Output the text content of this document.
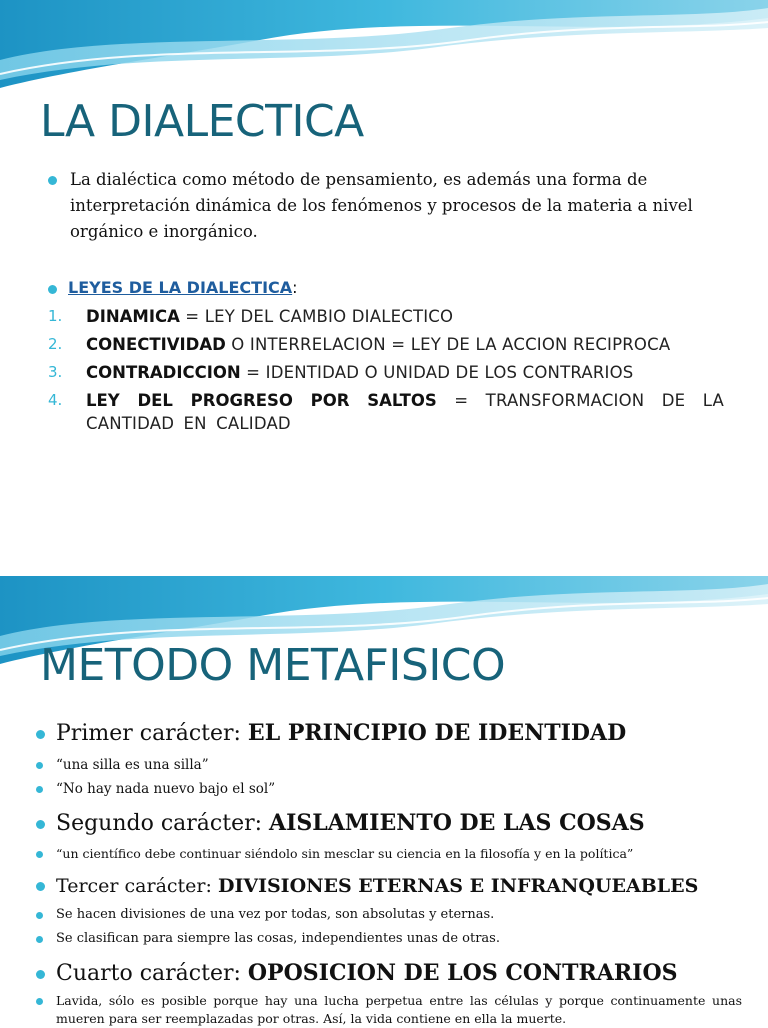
LA DIALECTICA

La dialéctica como método de pensamiento, es además una forma de interpretación dinámica de los fenómenos y procesos de la materia a nivel orgánico e inorgánico.

LEYES DE LA DIALECTICA:
1. DINAMICA = LEY DEL CAMBIO DIALECTICO
2. CONECTIVIDAD O INTERRELACION = LEY DE LA ACCION RECIPROCA
3. CONTRADICCION = IDENTIDAD O UNIDAD DE LOS CONTRARIOS
4. LEY DEL PROGRESO POR SALTOS = TRANSFORMACION DE LA CANTIDAD EN CALIDAD
METODO METAFISICO
Primer carácter: EL PRINCIPIO DE IDENTIDAD
“una silla es una silla”
“No hay nada nuevo bajo el sol”
Segundo carácter: AISLAMIENTO DE LAS COSAS
“un científico debe continuar siéndolo sin mesclar su ciencia en la filosofía y en la política”
Tercer carácter: DIVISIONES ETERNAS E INFRANQUEABLES
Se hacen divisiones de una vez por todas, son absolutas y eternas.
Se clasifican para siempre las cosas, independientes unas de otras.
Cuarto carácter: OPOSICION DE LOS CONTRARIOS
Lavida, sólo es posible porque hay una lucha perpetua entre las células y porque continuamente unas mueren para ser reemplazadas por otras. Así, la vida contiene en ella la muerte.
